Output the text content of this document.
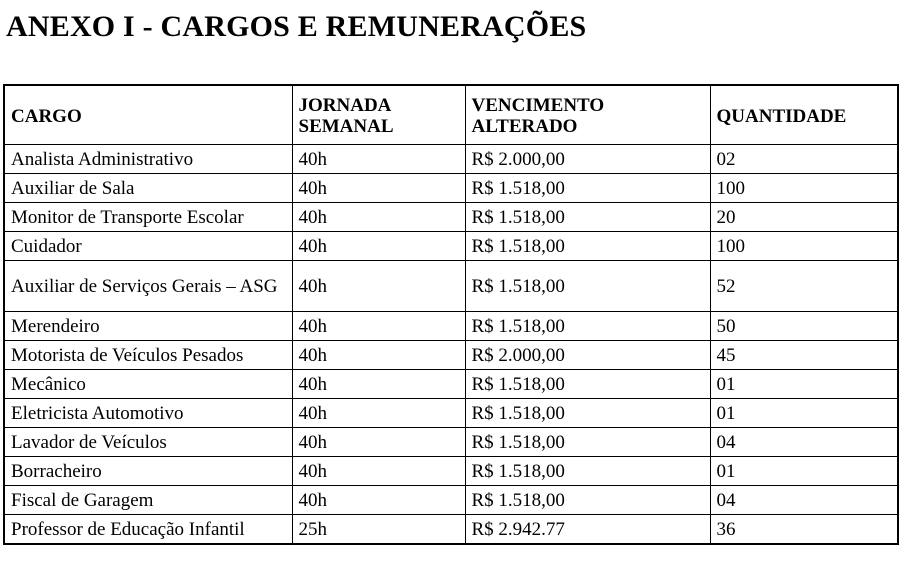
ANEXO I - CARGOS E REMUNERAÇÕES
CARGO	JORNADA SEMANAL	VENCIMENTO ALTERADO	QUANTIDADE
Analista Administrativo	40h	R$ 2.000,00	02
Auxiliar de Sala	40h	R$ 1.518,00	100
Monitor de Transporte Escolar	40h	R$ 1.518,00	20
Cuidador	40h	R$ 1.518,00	100
Auxiliar de Serviços Gerais – ASG	40h	R$ 1.518,00	52
Merendeiro	40h	R$ 1.518,00	50
Motorista de Veículos Pesados	40h	R$ 2.000,00	45
Mecânico	40h	R$ 1.518,00	01
Eletricista Automotivo	40h	R$ 1.518,00	01
Lavador de Veículos	40h	R$ 1.518,00	04
Borracheiro	40h	R$ 1.518,00	01
Fiscal de Garagem	40h	R$ 1.518,00	04
Professor de Educação Infantil	25h	R$ 2.942.77	36
